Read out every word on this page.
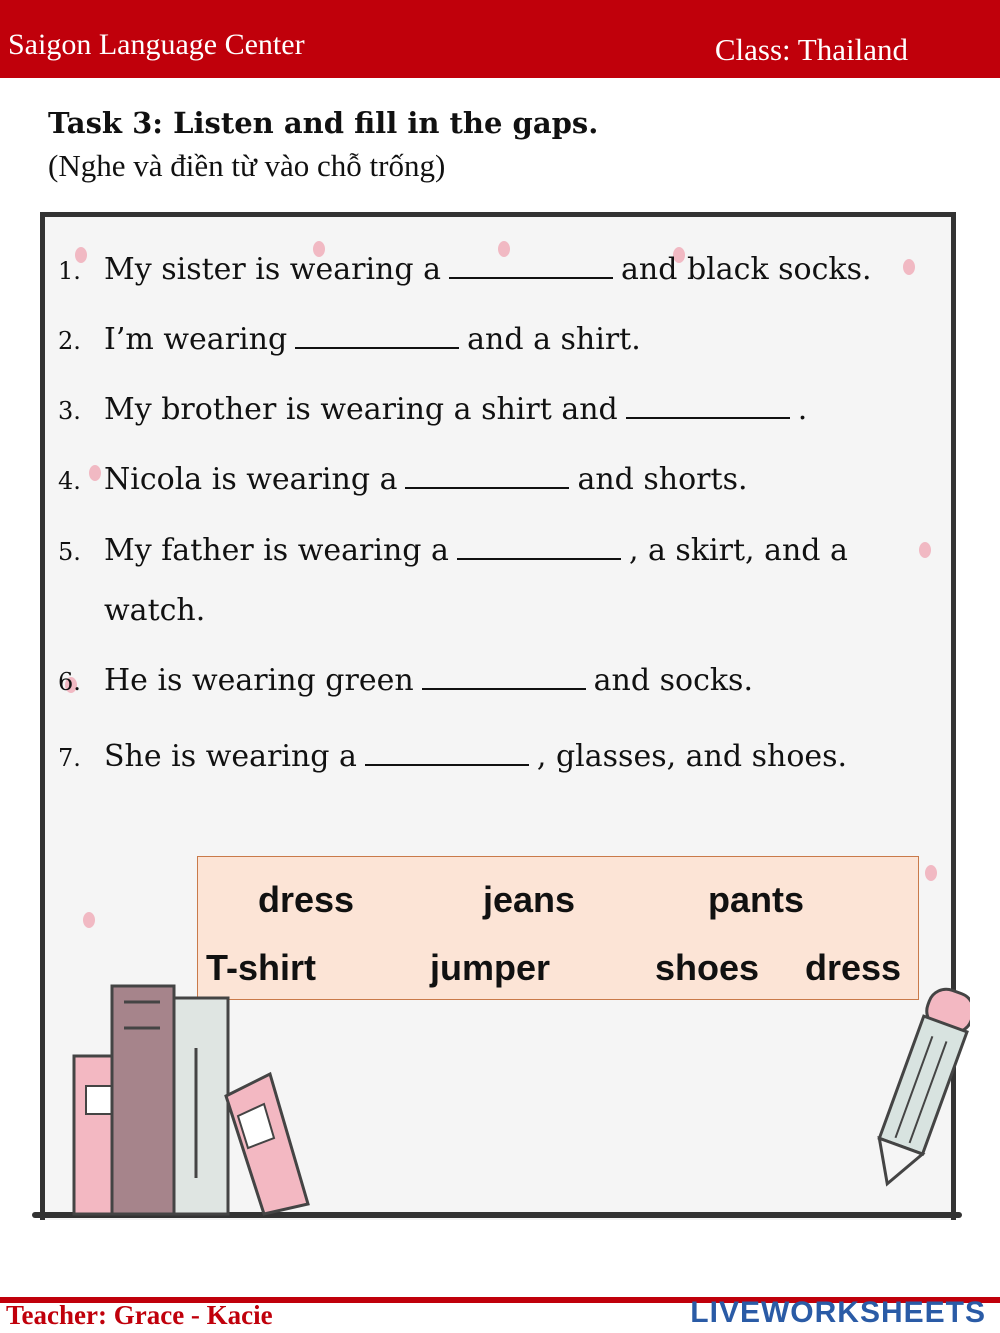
Saigon Language Center	Class: Thailand
Task 3: Listen and fill in the gaps.
(Nghe và điền từ vào chỗ trống)
1. My sister is wearing a	and black socks.
2. I’m wearing	and a shirt.
3. My brother is wearing a shirt and	.
4. Nicola is wearing a	and shorts.
5. My father is wearing a	, a skirt, and a
watch.
6. He is wearing green	and socks.
7. She is wearing a	, glasses, and shoes.
dress	jeans	pants
T-shirt	jumper	shoes dress
Teacher: Grace - Kacie	LIVEWORKSHEETS
